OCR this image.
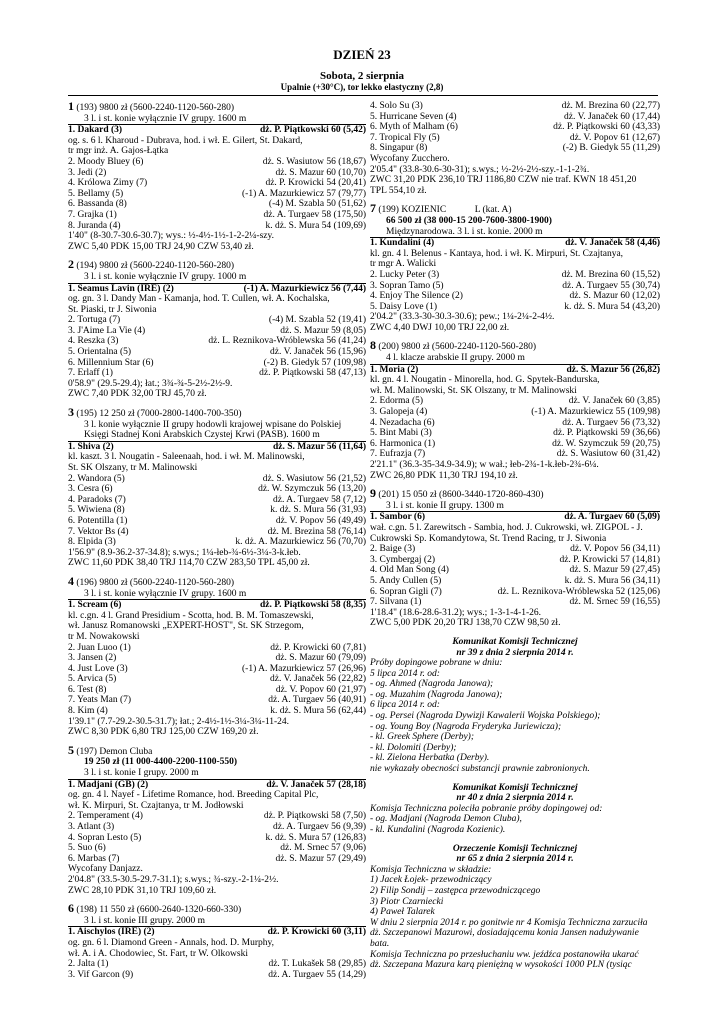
DZIEŃ 23
Sobota, 2 sierpnia
Upalnie (+30°C), tor lekko elastyczny (2,8)
1 (193) 9800 zł (5600-2240-1120-560-280)
3 l. i st. konie wyłącznie IV grupy. 1600 m
1. Dakard (3)	dż. P. Piątkowski 60 (5,42)
og. s. 6 l. Kharoud - Dubrava, hod. i wł. E. Gilert, St. Dakard,
tr mgr inż. A. Gajos-Łątka
2. Moody Bluey (6)	dż. S. Wasiutow 56 (18,67)
3. Jedi (2)	dż. S. Mazur 60 (10,70)
4. Królowa Zimy (7)	dż. P. Krowicki 54 (20,41)
5. Bellamy (5)	(-1) A. Mazurkiewicz 57 (79,77)
6. Bassanda (8)	(-4) M. Szabla 50 (51,62)
7. Grajka (1)	dż. A. Turgaev 58 (175,50)
8. Juranda (4)	k. dż. S. Mura 54 (109,69)
1'40" (8-30.7-30.6-30.7); wys.: ½-4½-1½-1-2-2¼-szy.
ZWC 5,40 PDK 15,00 TRJ 24,90 CZW 53,40 zł.
2 (194) 9800 zł (5600-2240-1120-560-280)
3 l. i st. konie wyłącznie IV grupy. 1000 m
1. Seamus Lavin (IRE) (2)	(-1) A. Mazurkiewicz 56 (7,44)
og. gn. 3 l. Dandy Man - Kamanja, hod. T. Cullen, wł. A. Kochalska,
St. Piaski, tr J. Siwonia
2. Tortuga (7)	(-4) M. Szabla 52 (19,41)
3. J'Aime La Vie (4)	dż. S. Mazur 59 (8,05)
4. Reszka (3)	dż. L. Reznikova-Wróblewska 56 (41,24)
5. Orientalna (5)	dż. V. Janaček 56 (15,96)
6. Millennium Star (6)	(-2) B. Giedyk 57 (109,98)
7. Erlaff (1)	dż. P. Piątkowski 58 (47,13)
0'58.9" (29.5-29.4); łat.; 3¾-¾-5-2½-2½-9.
ZWC 7,40 PDK 32,00 TRJ 45,70 zł.
3 (195) 12 250 zł (7000-2800-1400-700-350)
3 l. konie wyłącznie II grupy hodowli krajowej wpisane do Polskiej
Księgi Stadnej Koni Arabskich Czystej Krwi (PASB). 1600 m
1. Shiva (2)	dż. S. Mazur 56 (11,64)
kl. kaszt. 3 l. Nougatin - Saleenaah, hod. i wł. M. Malinowski,
St. SK Olszany, tr M. Malinowski
2. Wandora (5)	dż. S. Wasiutow 56 (21,52)
3. Cesra (6)	dż. W. Szymczuk 56 (13,20)
4. Paradoks (7)	dż. A. Turgaev 58 (7,12)
5. Wiwiena (8)	k. dż. S. Mura 56 (31,93)
6. Potentilla (1)	dż. V. Popov 56 (49,49)
7. Vektor Bs (4)	dż. M. Brezina 58 (76,14)
8. Elpida (3)	k. dż. A. Mazurkiewicz 56 (70,70)
1'56.9" (8.9-36.2-37-34.8); s.wys.; 1¼-łeb-¾-6½-3¼-3-k.łeb.
ZWC 11,60 PDK 38,40 TRJ 114,70 CZW 283,50 TPL 45,00 zł.
4 (196) 9800 zł (5600-2240-1120-560-280)
3 l. i st. konie wyłącznie IV grupy. 1600 m
1. Scream (6)	dż. P. Piątkowski 58 (8,35)
kl. c.gn. 4 l. Grand Presidium - Scotta, hod. B. M. Tomaszewski,
wł. Janusz Romanowski „EXPERT-HOST", St. SK Strzegom,
tr M. Nowakowski
2. Juan Luoo (1)	dż. P. Krowicki 60 (7,81)
3. Jansen (2)	dż. S. Mazur 60 (79,09)
4. Just Love (3)	(-1) A. Mazurkiewicz 57 (26,96)
5. Arvica (5)	dż. V. Janaček 56 (22,82)
6. Test (8)	dż. V. Popov 60 (21,97)
7. Yeats Man (7)	dż. A. Turgaev 56 (40,91)
8. Kim (4)	k. dż. S. Mura 56 (62,44)
1'39.1" (7.7-29.2-30.5-31.7); łat.; 2-4½-1½-3¼-3¼-11-24.
ZWC 8,30 PDK 6,80 TRJ 125,00 CZW 169,20 zł.
5 (197) Demon Cluba
19 250 zł (11 000-4400-2200-1100-550)
3 l. i st. konie I grupy. 2000 m
1. Madjani (GB) (2)	dż. V. Janaček 57 (28,18)
og. gn. 4 l. Nayef - Lifetime Romance, hod. Breeding Capital Plc,
wł. K. Mirpuri, St. Czajtanya, tr M. Jodłowski
2. Temperament (4)	dż. P. Piątkowski 58 (7,50)
3. Atlant (3)	dż. A. Turgaev 56 (9,39)
4. Sopran Lesto (5)	k. dż. S. Mura 57 (126,83)
5. Suo (6)	dż. M. Srnec 57 (9,06)
6. Marbas (7)	dż. S. Mazur 57 (29,49)
Wycofany Danjazz.
2'04.8" (33.5-30.5-29.7-31.1); s.wys.; ¾-szy.-2-1¼-2½.
ZWC 28,10 PDK 31,10 TRJ 109,60 zł.
6 (198) 11 550 zł (6600-2640-1320-660-330)
3 l. i st. konie III grupy. 2000 m
1. Aischylos (IRE) (2)	dż. P. Krowicki 60 (3,11)
og. gn. 6 l. Diamond Green - Annals, hod. D. Murphy,
wł. A. i A. Chodowiec, St. Fart, tr W. Olkowski
2. Jalta (1)	dż. T. Lukašek 58 (29,85)
3. Vif Garcon (9)	dż. A. Turgaev 55 (14,29)
4. Solo Su (3)	dż. M. Brezina 60 (22,77)
5. Hurricane Seven (4)	dż. V. Janaček 60 (17,44)
6. Myth of Malham (6)	dż. P. Piątkowski 60 (43,33)
7. Tropical Fly (5)	dż. V. Popov 61 (12,67)
8. Singapur (8)	(-2) B. Giedyk 55 (11,29)
Wycofany Zucchero.
2'05.4" (33.8-30.6-30-31); s.wys.; ½-2½-2½-szy.-1-1-2¾.
ZWC 31,20 PDK 236,10 TRJ 1186,80 CZW nie traf. KWN 18 451,20
TPL 554,10 zł.
7 (199) KOZIENIC	L (kat. A)
66 500 zł (38 000-15 200-7600-3800-1900)
Międzynarodowa. 3 l. i st. konie. 2000 m
1. Kundalini (4)	dż. V. Janaček 58 (4,46)
kl. gn. 4 l. Belenus - Kantaya, hod. i wł. K. Mirpuri, St. Czajtanya,
tr mgr A. Walicki
2. Lucky Peter (3)	dż. M. Brezina 60 (15,52)
3. Sopran Tamo (5)	dż. A. Turgaev 55 (30,74)
4. Enjoy The Silence (2)	dż. S. Mazur 60 (12,02)
5. Daisy Love (1)	k. dż. S. Mura 54 (43,20)
2'04.2" (33.3-30-30.3-30.6); pew.; 1¼-2¼-2-4½.
ZWC 4,40 DWJ 10,00 TRJ 22,00 zł.
8 (200) 9800 zł (5600-2240-1120-560-280)
4 l. klacze arabskie II grupy. 2000 m
1. Moria (2)	dż. S. Mazur 56 (26,82)
kl. gn. 4 l. Nougatin - Minorella, hod. G. Spytek-Bandurska,
wł. M. Malinowski, St. SK Olszany, tr M. Malinowski
2. Edorma (5)	dż. V. Janaček 60 (3,85)
3. Galopeja (4)	(-1) A. Mazurkiewicz 55 (109,98)
4. Nezadacha (6)	dż. A. Turgaev 56 (73,32)
5. Bint Mabi (3)	dż. P. Piątkowski 59 (36,66)
6. Harmonica (1)	dż. W. Szymczuk 59 (20,75)
7. Eufrazja (7)	dż. S. Wasiutow 60 (31,42)
2'21.1" (36.3-35-34.9-34.9); w wał.; łeb-2¾-1-k.łeb-2¾-6¼.
ZWC 26,80 PDK 11,30 TRJ 194,10 zł.
9 (201) 15 050 zł (8600-3440-1720-860-430)
3 l. i st. konie II grupy. 1300 m
1. Sambor (6)	dż. A. Turgaev 60 (5,09)
wał. c.gn. 5 l. Zarewitsch - Sambia, hod. J. Cukrowski, wł. ZIGPOL - J.
Cukrowski Sp. Komandytowa, St. Trend Racing, tr J. Siwonia
2. Baige (3)	dż. V. Popov 56 (34,11)
3. Cymbergaj (2)	dż. P. Krowicki 57 (14,81)
4. Old Man Song (4)	dż. S. Mazur 59 (27,45)
5. Andy Cullen (5)	k. dż. S. Mura 56 (34,11)
6. Sopran Gigli (7)	dż. L. Reznikova-Wróblewska 52 (125,06)
7. Silvana (1)	dż. M. Srnec 59 (16,55)
1'18.4" (18.6-28.6-31.2); wys.; 1-3-1-4-1-26.
ZWC 5,00 PDK 20,20 TRJ 138,70 CZW 98,50 zł.
Komunikat Komisji Technicznej
nr 39 z dnia 2 sierpnia 2014 r.
Próby dopingowe pobrane w dniu:
5 lipca 2014 r. od:
- og. Ahmed (Nagroda Janowa);
- og. Muzahim (Nagroda Janowa);
6 lipca 2014 r. od:
- og. Persei (Nagroda Dywizji Kawalerii Wojska Polskiego);
- og. Young Boy (Nagroda Fryderyka Juriewicza);
- kl. Greek Sphere (Derby);
- kl. Dolomiti (Derby);
- kl. Zielona Herbatka (Derby).
nie wykazały obecności substancji prawnie zabronionych.
Komunikat Komisji Technicznej
nr 40 z dnia 2 sierpnia 2014 r.
Komisja Techniczna poleciła pobranie próby dopingowej od:
- og. Madjani (Nagroda Demon Cluba),
- kl. Kundalini (Nagroda Kozienic).
Orzeczenie Komisji Technicznej
nr 65 z dnia 2 sierpnia 2014 r.
Komisja Techniczna w składzie:
1) Jacek Łojek- przewodniczący
2) Filip Sondij – zastępca przewodniczącego
3) Piotr Czarniecki
4) Paweł Talarek
W dniu 2 sierpnia 2014 r. po gonitwie nr 4 Komisja Techniczna zarzuciła
dż. Szczepanowi Mazurowi, dosiadającemu konia Jansen nadużywanie
bata.
Komisja Techniczna po przesłuchaniu ww. jeźdźca postanowiła ukarać
dż. Szczepana Mazura karą pieniężną w wysokości 1000 PLN (tysiąc
